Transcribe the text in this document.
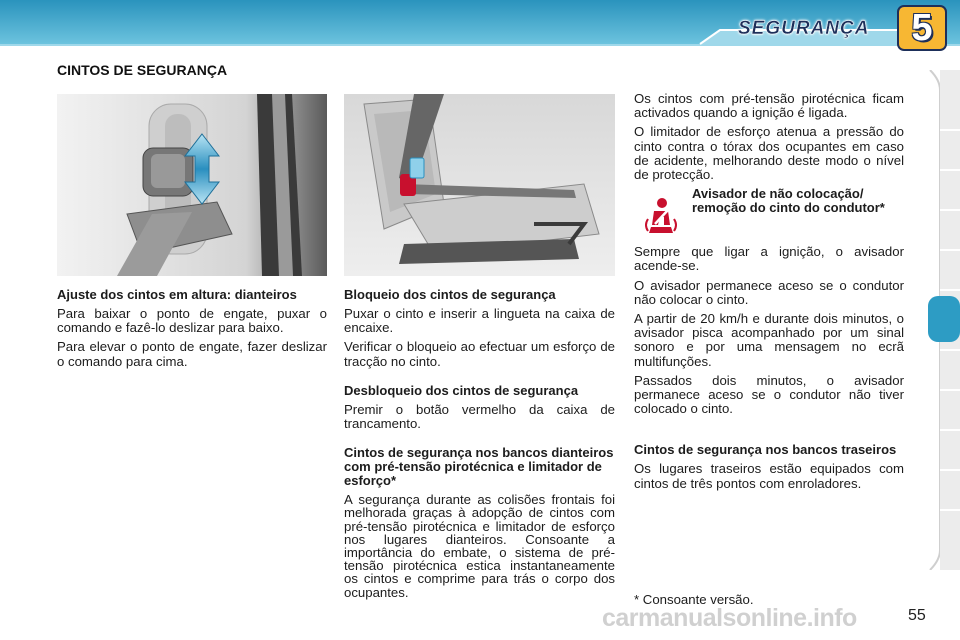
SEGURANÇA	5
CINTOS DE SEGURANÇA
Ajuste dos cintos em altura: dianteiros

Para baixar o ponto de engate, puxar o comando e fazê-lo deslizar para baixo.

Para elevar o ponto de engate, fazer deslizar o comando para cima.

Bloqueio dos cintos de segurança

Puxar o cinto e inserir a lingueta na caixa de encaixe.

Verificar o bloqueio ao efectuar um esforço de tracção no cinto.

Desbloqueio dos cintos de segurança

Premir o botão vermelho da caixa de trancamento.

Cintos de segurança nos bancos dianteiros com pré-tensão pirotécnica e limitador de esforço*

A segurança durante as colisões frontais foi melhorada graças à adopção de cintos com pré-tensão pirotécnica e limitador de esforço nos lugares dianteiros. Consoante a importância do embate, o sistema de pré-tensão pirotécnica estica instantaneamente os cintos e comprime para trás o corpo dos ocupantes.

Os cintos com pré-tensão pirotécnica ficam activados quando a ignição é ligada.

O limitador de esforço atenua a pressão do cinto contra o tórax dos ocupantes em caso de acidente, melhorando deste modo o nível de protecção.

Avisador de não colocação/ remoção do cinto do condutor*

Sempre que ligar a ignição, o avisador acende-se.

O avisador permanece aceso se o condutor não colocar o cinto.

A partir de 20 km/h e durante dois minutos, o avisador pisca acompanhado por um sinal sonoro e por uma mensagem no ecrã multifunções.

Passados dois minutos, o avisador permanece aceso se o condutor não tiver colocado o cinto.

Cintos de segurança nos bancos traseiros

Os lugares traseiros estão equipados com cintos de três pontos com enroladores.

* Consoante versão.
carmanualsonline.info	55
